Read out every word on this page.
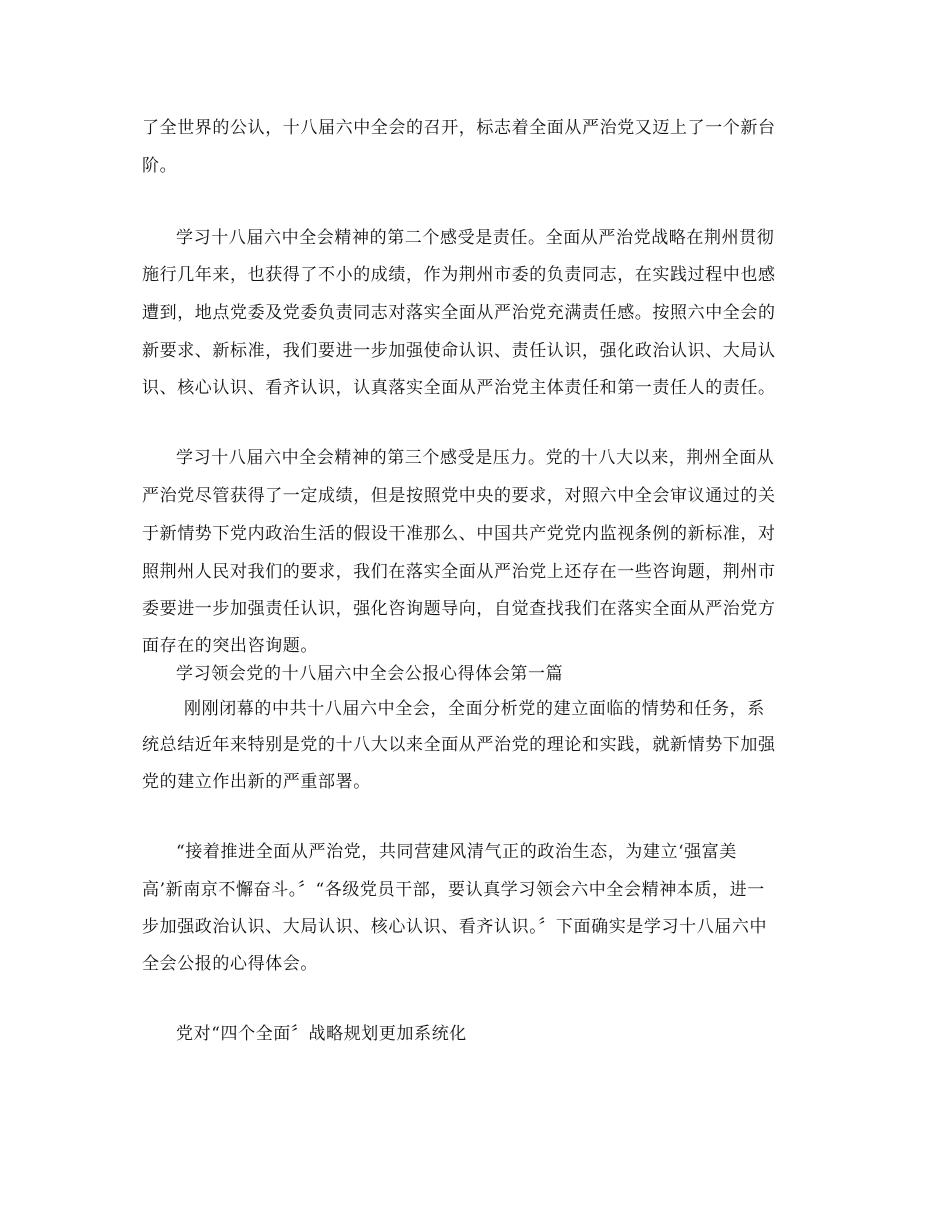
了全世界的公认，十八届六中全会的召开，标志着全面从严治党又迈上了一个新台
阶。
学习十八届六中全会精神的第二个感受是责任。全面从严治党战略在荆州贯彻
施行几年来，也获得了不小的成绩，作为荆州市委的负责同志，在实践过程中也感
遭到，地点党委及党委负责同志对落实全面从严治党充满责任感。按照六中全会的
新要求、新标准，我们要进一步加强使命认识、责任认识，强化政治认识、大局认
识、核心认识、看齐认识，认真落实全面从严治党主体责任和第一责任人的责任。
学习十八届六中全会精神的第三个感受是压力。党的十八大以来，荆州全面从
严治党尽管获得了一定成绩，但是按照党中央的要求，对照六中全会审议通过的关
于新情势下党内政治生活的假设干准那么、中国共产党党内监视条例的新标准，对
照荆州人民对我们的要求，我们在落实全面从严治党上还存在一些咨询题，荆州市
委要进一步加强责任认识，强化咨询题导向，自觉查找我们在落实全面从严治党方
面存在的突出咨询题。
学习领会党的十八届六中全会公报心得体会第一篇
刚刚闭幕的中共十八届六中全会，全面分析党的建立面临的情势和任务，系
统总结近年来特别是党的十八大以来全面从严治党的理论和实践，就新情势下加强
党的建立作出新的严重部署。
“接着推进全面从严治党，共同营建风清气正的政治生态，为建立‘强富美
高’新南京不懈奋斗。〞“各级党员干部，要认真学习领会六中全会精神本质，进一
步加强政治认识、大局认识、核心认识、看齐认识。〞下面确实是学习十八届六中
全会公报的心得体会。
党对“四个全面〞战略规划更加系统化
